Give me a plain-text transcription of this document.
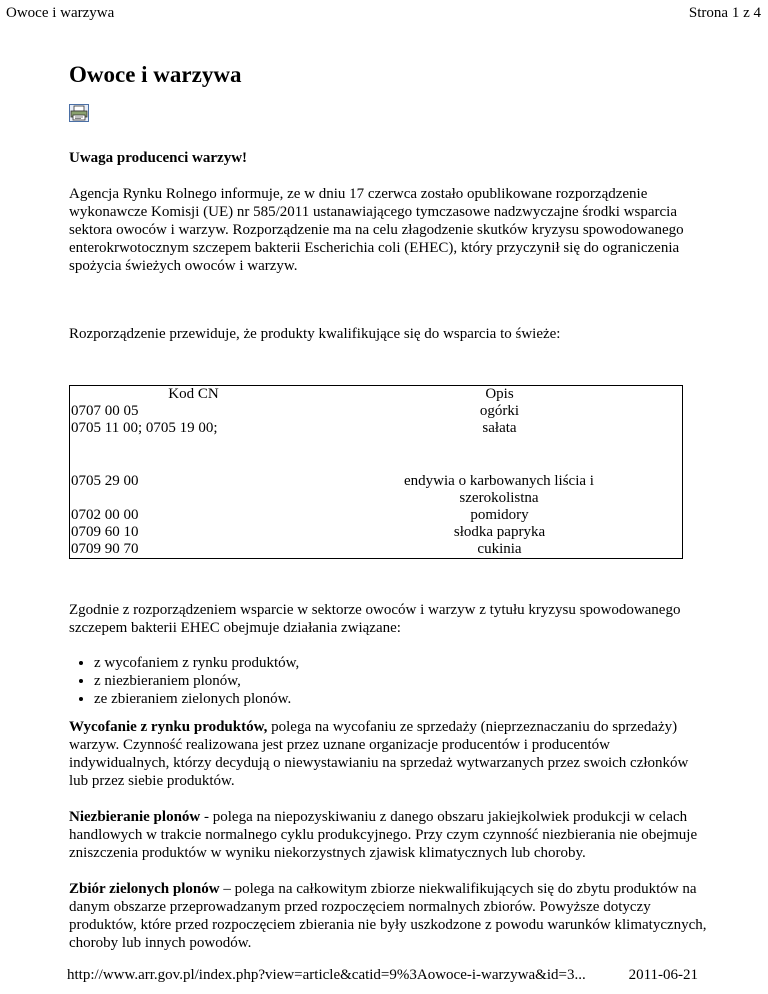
Owoce i warzywa	Strona 1 z 4
Owoce i warzywa

Uwaga producenci warzyw!

Agencja Rynku Rolnego informuje, ze w dniu 17 czerwca zostało opublikowane rozporządzenie wykonawcze Komisji (UE) nr 585/2011 ustanawiającego tymczasowe nadzwyczajne środki wsparcia sektora owoców i warzyw. Rozporządzenie ma na celu złagodzenie skutków kryzysu spowodowanego enterokrwotocznym szczepem bakterii Escherichia coli (EHEC), który przyczynił się do ograniczenia spożycia świeżych owoców i warzyw.

Rozporządzenie przewiduje, że produkty kwalifikujące się do wsparcia to świeże:

Kod CN	Opis
0707 00 05	ogórki
0705 11 00; 0705 19 00;	sałata
0705 29 00	endywia o karbowanych liścia i szerokolistna
0702 00 00	pomidory
0709 60 10	słodka papryka
0709 90 70	cukinia

Zgodnie z rozporządzeniem wsparcie w sektorze owoców i warzyw z tytułu kryzysu spowodowanego szczepem bakterii EHEC obejmuje działania związane:

• z wycofaniem z rynku produktów,
• z niezbieraniem plonów,
• ze zbieraniem zielonych plonów.

Wycofanie z rynku produktów, polega na wycofaniu ze sprzedaży (nieprzeznaczaniu do sprzedaży) warzyw. Czynność realizowana jest przez uznane organizacje producentów i producentów indywidualnych, którzy decydują o niewystawianiu na sprzedaż wytwarzanych przez swoich członków lub przez siebie produktów.

Niezbieranie plonów - polega na niepozyskiwaniu z danego obszaru jakiejkolwiek produkcji w celach handlowych w trakcie normalnego cyklu produkcyjnego. Przy czym czynność niezbierania nie obejmuje zniszczenia produktów w wyniku niekorzystnych zjawisk klimatycznych lub choroby.

Zbiór zielonych plonów – polega na całkowitym zbiorze niekwalifikujących się do zbytu produktów na danym obszarze przeprowadzanym przed rozpoczęciem normalnych zbiorów. Powyższe dotyczy produktów, które przed rozpoczęciem zbierania nie były uszkodzone z powodu warunków klimatycznych, choroby lub innych powodów.

http://www.arr.gov.pl/index.php?view=article&catid=9%3Aowoce-i-warzywa&id=3...	2011-06-21
